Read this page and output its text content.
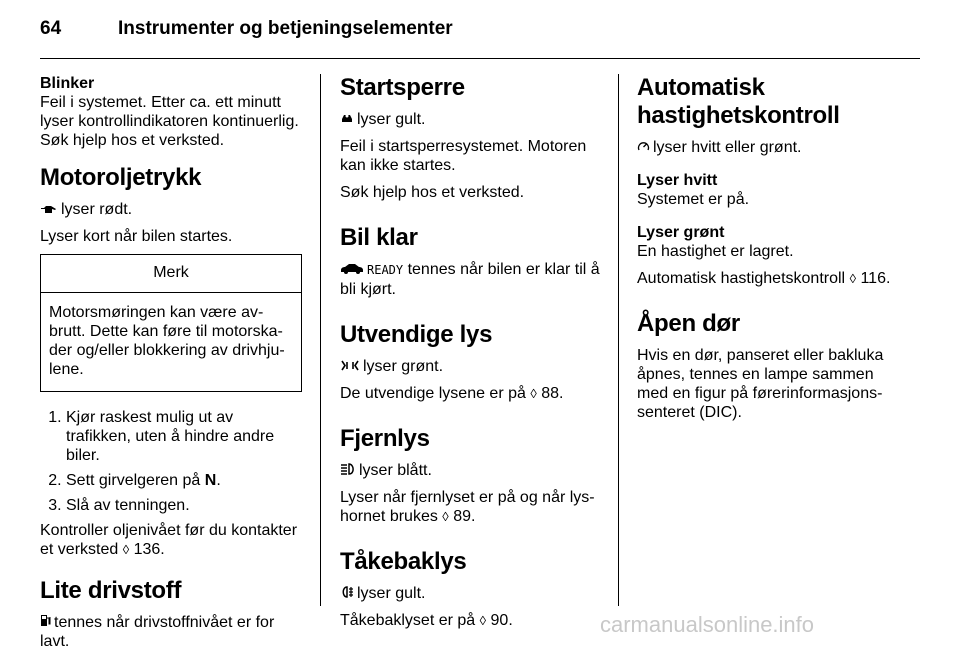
64	Instrumenter og betjeningselementer
Blinker

Feil i systemet. Etter ca. ett minutt lyser kontrollindikatoren kontinuerlig. Søk hjelp hos et verksted.

Motoroljetrykk

lyser rødt.

Lyser kort når bilen startes.

Merk
Motorsmøringen kan være avbrutt. Dette kan føre til motorskader og/eller blokkering av drivhjulene.
1. Kjør raskest mulig ut av trafikken, uten å hindre andre biler.
2. Sett girvelgeren på N.
3. Slå av tenningen.

Kontroller oljenivået før du kontakter et verksted ◊ 136.

Lite drivstoff

tennes når drivstoffnivået er for lavt.

Startsperre

lyser gult.

Feil i startsperresystemet. Motoren kan ikke startes.

Søk hjelp hos et verksted.

Bil klar

READY tennes når bilen er klar til å bli kjørt.

Utvendige lys

lyser grønt.

De utvendige lysene er på ◊ 88.

Fjernlys

lyser blått.

Lyser når fjernlyset er på og når lyshornet brukes ◊ 89.

Tåkebaklys

lyser gult.

Tåkebaklyset er på ◊ 90.

Automatisk hastighetskontroll

lyser hvitt eller grønt.

Lyser hvitt

Systemet er på.

Lyser grønt

En hastighet er lagret.

Automatisk hastighetskontroll ◊ 116.

Åpen dør

Hvis en dør, panseret eller bakluka åpnes, tennes en lampe sammen med en figur på førerinformasjonssenteret (DIC).

carmanualsonline.info
